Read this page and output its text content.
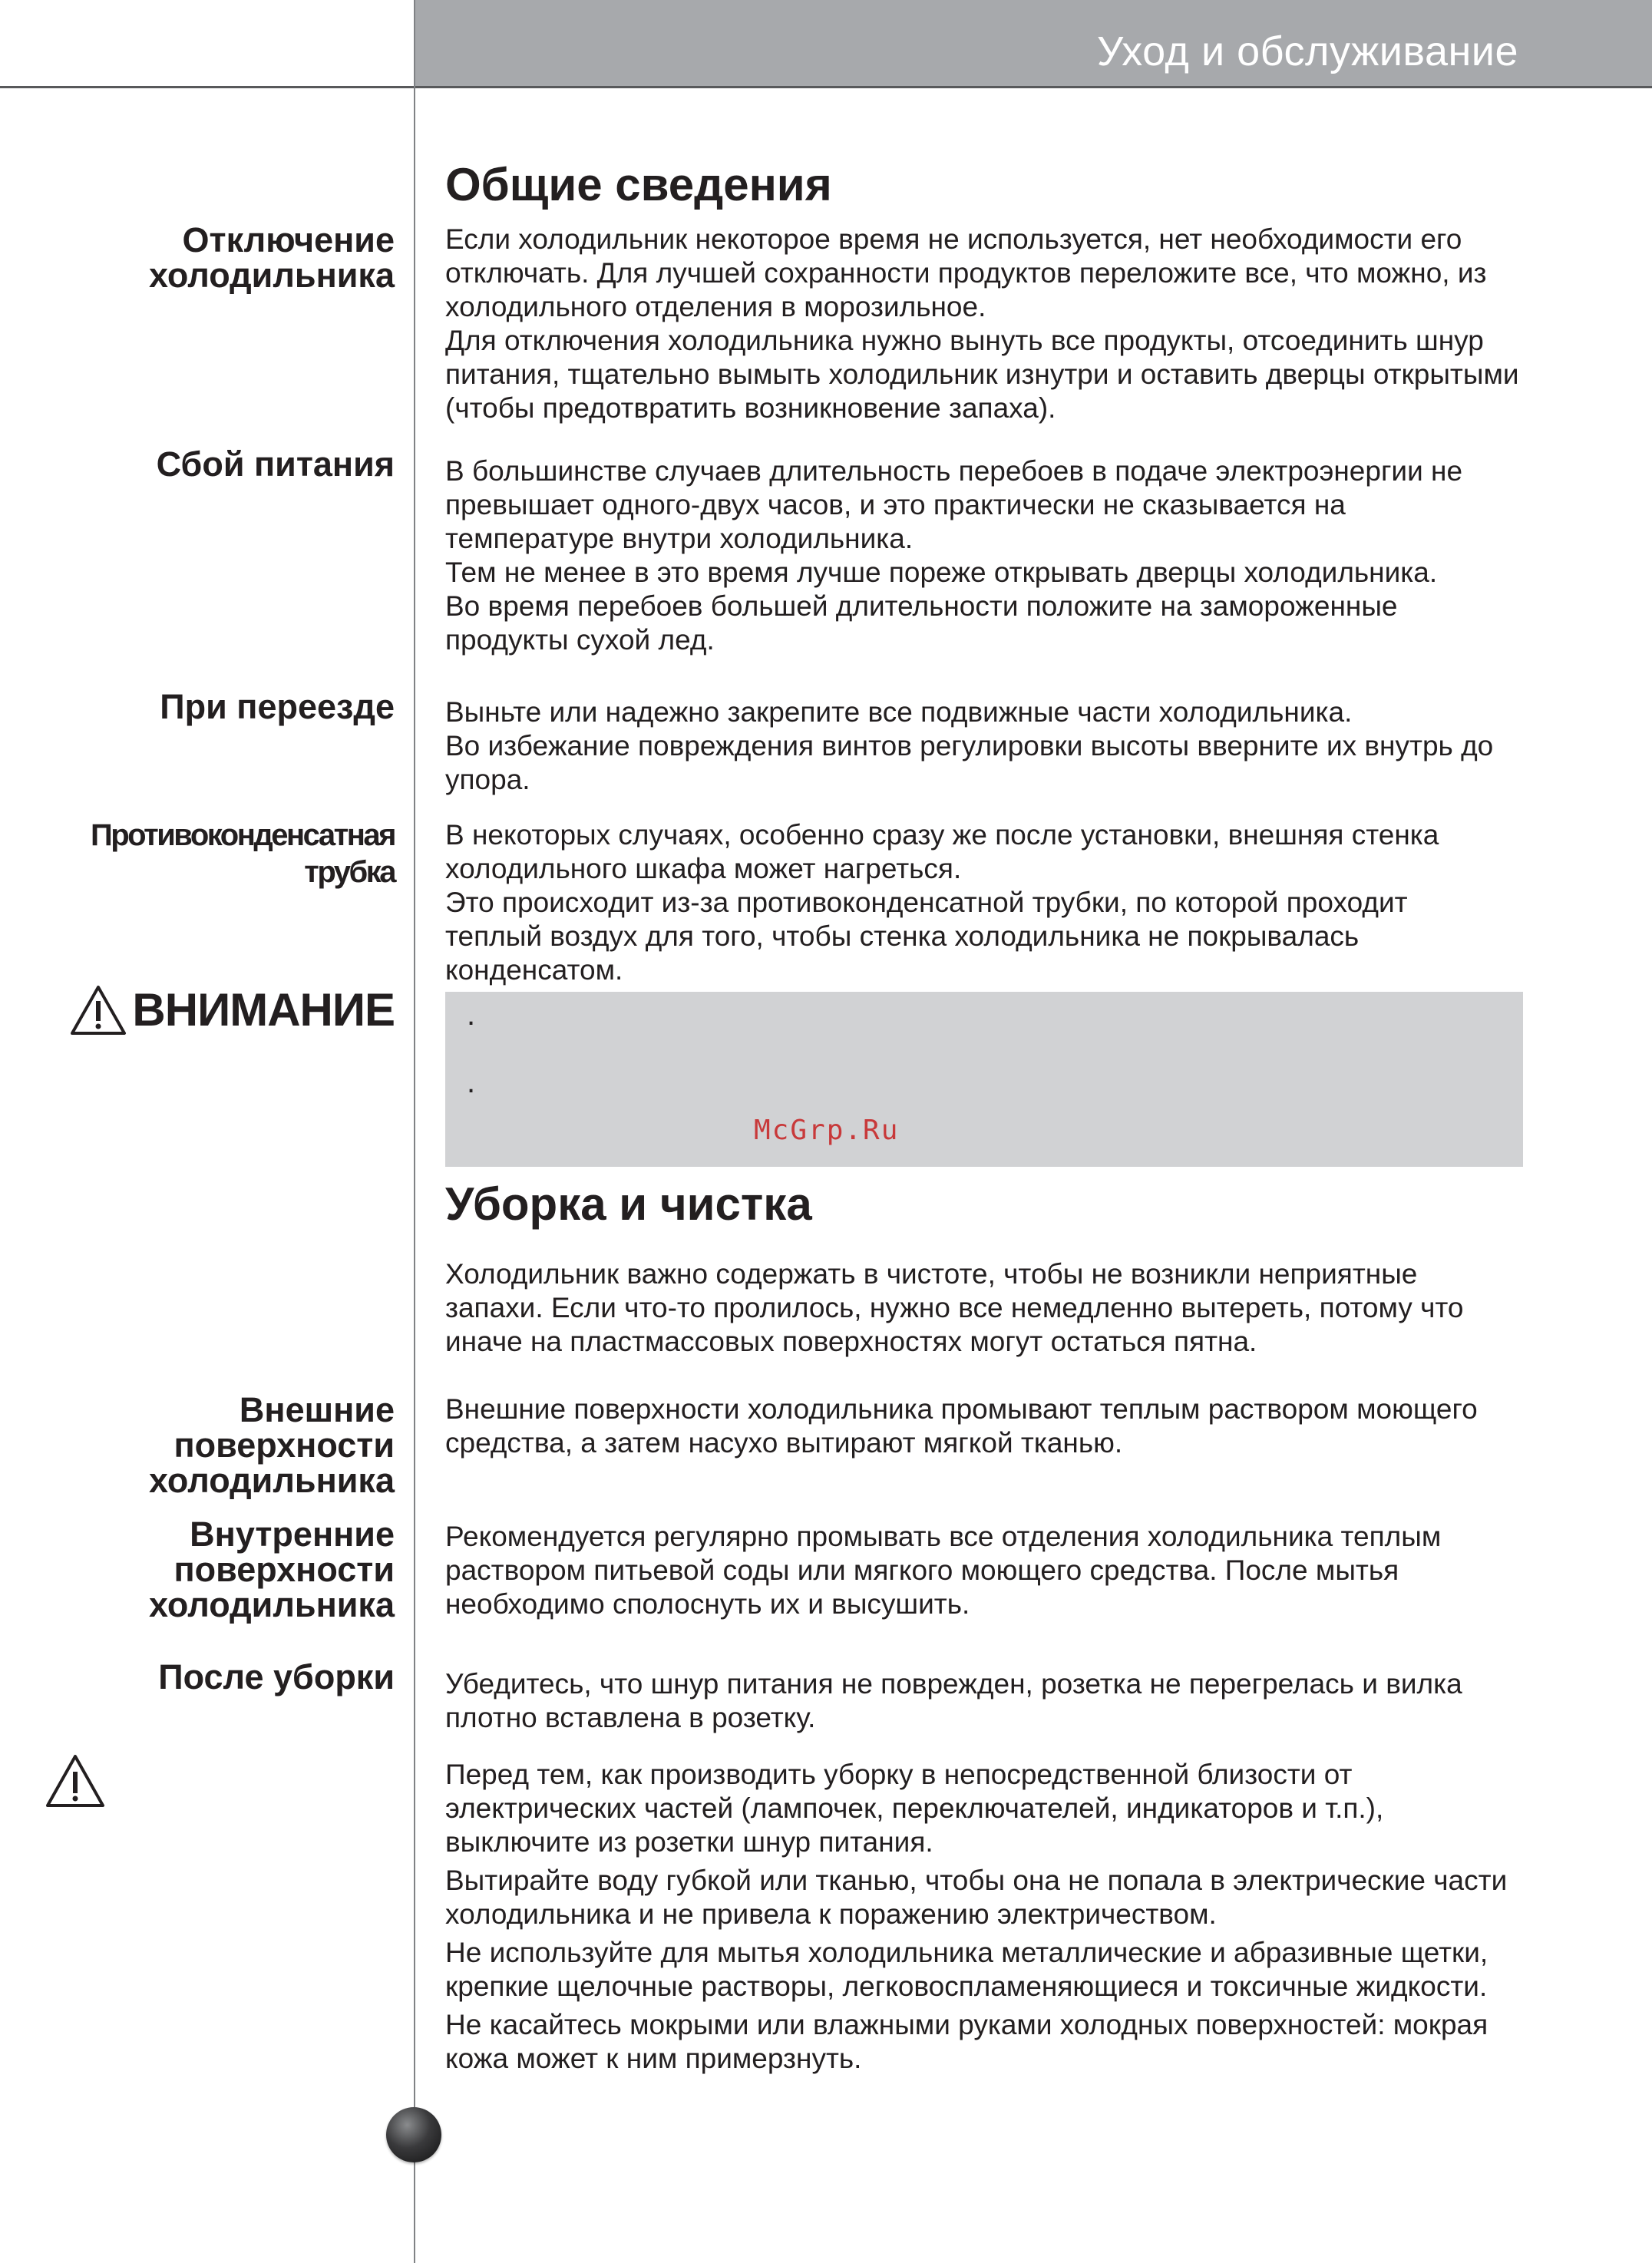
Уход и обслуживание
Общие сведения
Отключение
холодильника

Если холодильник некоторое время не используется, нет необходимости его

отключать. Для лучшей сохранности продуктов переложите все, что можно, из

холодильного отделения в морозильное.

Для отключения холодильника нужно вынуть все продукты, отсоединить шнур

питания, тщательно вымыть холодильник изнутри и оставить дверцы открытыми

(чтобы предотвратить возникновение запаха).

Сбой питания В большинстве случаев длительность перебоев в подаче электроэнергии не

превышает одного-двух часов, и это практически не сказывается на

температуре внутри холодильника.

Тем не менее в это время лучше пореже открывать дверцы холодильника.

Во время перебоев большей длительности положите на замороженные

продукты сухой лед.

При переезде Выньте или надежно закрепите все подвижные части холодильника.

Во избежание повреждения винтов регулировки высоты вверните их внутрь до

упора.

Противоконденсатная
трубка

В некоторых случаях, особенно сразу же после установки, внешняя стенка

холодильного шкафа может нагреться.

Это происходит из-за противоконденсатной трубки, по которой проходит

теплый воздух для того, чтобы стенка холодильника не покрывалась

конденсатом.

ВНИМАНИЕ .
.
McGrp.Ru
Уборка и чистка

Холодильник важно содержать в чистоте, чтобы не возникли неприятные

запахи. Если что-то пролилось, нужно все немедленно вытереть, потому что

иначе на пластмассовых поверхностях могут остаться пятна.

Внешние
поверхности
холодильника

Внешние поверхности холодильника промывают теплым раствором моющего

средства, а затем насухо вытирают мягкой тканью.

Внутренние
поверхности
холодильника

Рекомендуется регулярно промывать все отделения холодильника теплым

раствором питьевой соды или мягкого моющего средства. После мытья

необходимо сполоснуть их и высушить.

После уборки Убедитесь, что шнур питания не поврежден, розетка не перегрелась и вилка

плотно вставлена в розетку.

Перед тем, как производить уборку в непосредственной близости от

электрических частей (лампочек, переключателей, индикаторов и т.п.),

выключите из розетки шнур питания.

Вытирайте воду губкой или тканью, чтобы она не попала в электрические части

холодильника и не привела к поражению электричеством.

Не используйте для мытья холодильника металлические и абразивные щетки,

крепкие щелочные растворы, легковоспламеняющиеся и токсичные жидкости.

Не касайтесь мокрыми или влажными руками холодных поверхностей: мокрая

кожа может к ним примерзнуть.
